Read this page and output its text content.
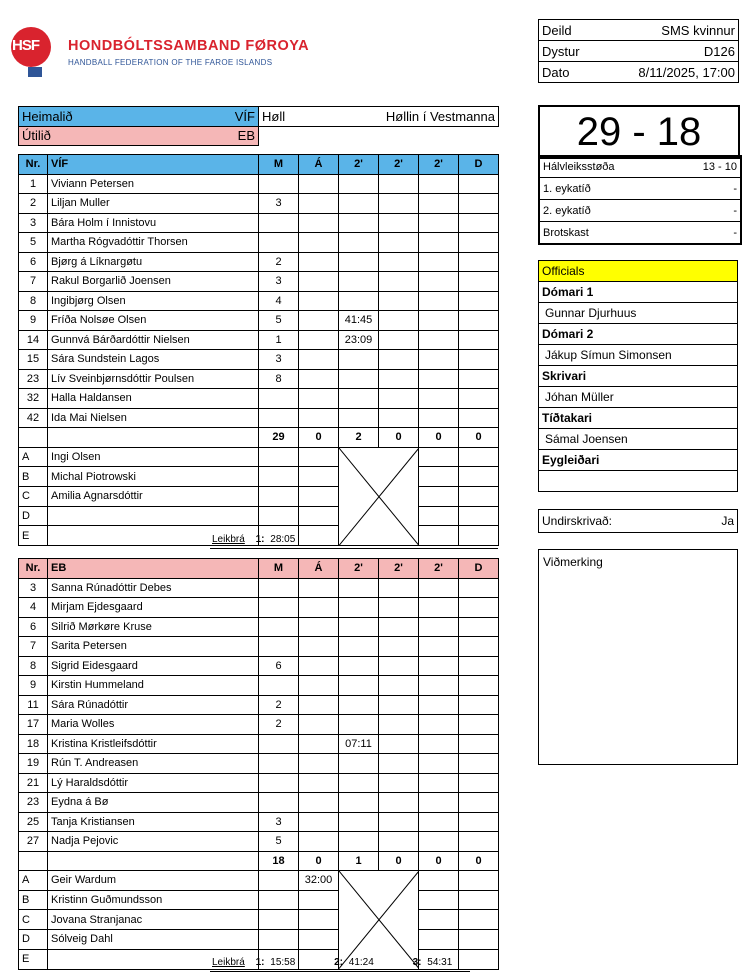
HSF HONDBÓLTSSAMBAND FØROYA
HANDBALL FEDERATION OF THE FAROE ISLANDS
Deild	SMS kvinnur
Dystur	D126
Dato	8/11/2025, 17:00
Heimalið	VÍF	Høll	Høllin í Vestmanna
Útilið	EB			29 - 18
Hálvleiksstøða	13 - 10
1. eykatíð	-
2. eykatíð	-
Brotskast	-
Officials
Dómari 1
Gunnar Djurhuus
Dómari 2
Jákup Símun Simonsen
Skrivari
Jóhan Müller
Tíðtakari
Sámal Joensen
Eygleiðari

Undirskrivað:	Ja
Viðmerking
Nr.	VÍF	M	Á	2'	2'	2'	D
1	Viviann Petersen						
2	Liljan Muller	3					
3	Bára Holm í Innistovu						
5	Martha Rógvadóttir Thorsen						
6	Bjørg á Líknargøtu	2					
7	Rakul Borgarlið Joensen	3					
8	Ingibjørg Olsen	4					
9	Fríða Nolsøe Olsen	5		41:45			
14	Gunnvá Bárðardóttir Nielsen	1		23:09			
15	Sára Sundstein Lagos	3					
23	Lív Sveinbjørnsdóttir Poulsen	8					
32	Halla Haldansen						
42	Ida Mai Nielsen						
		29	0	2	0	0	0
A	Ingi Olsen			

B	Michal Piotrowski						
C	Amilia Agnarsdóttir						
D							
E								Leikbrá 1: 28:05
Nr.	EB	M	Á	2'	2'	2'	D
3	Sanna Rúnadóttir Debes						
4	Mirjam Ejdesgaard						
6	Silrið Mørkøre Kruse						
7	Sarita Petersen						
8	Sigrid Eidesgaard	6					
9	Kirstin Hummeland						
11	Sára Rúnadóttir	2					
17	Maria Wolles	2					
18	Kristina Kristleifsdóttir			07:11			
19	Rún T. Andreasen						
21	Lý Haraldsdóttir						
23	Eydna á Bø						
25	Tanja Kristiansen	3					
27	Nadja Pejovic	5					
		18	0	1	0	0	0
A	Geir Wardum		32:00	

B	Kristinn Guðmundsson						
C	Jovana Stranjanac						
D	Sólveig Dahl						
E								Leikbrá 1: 15:58	2: 41:24	3: 54:31
